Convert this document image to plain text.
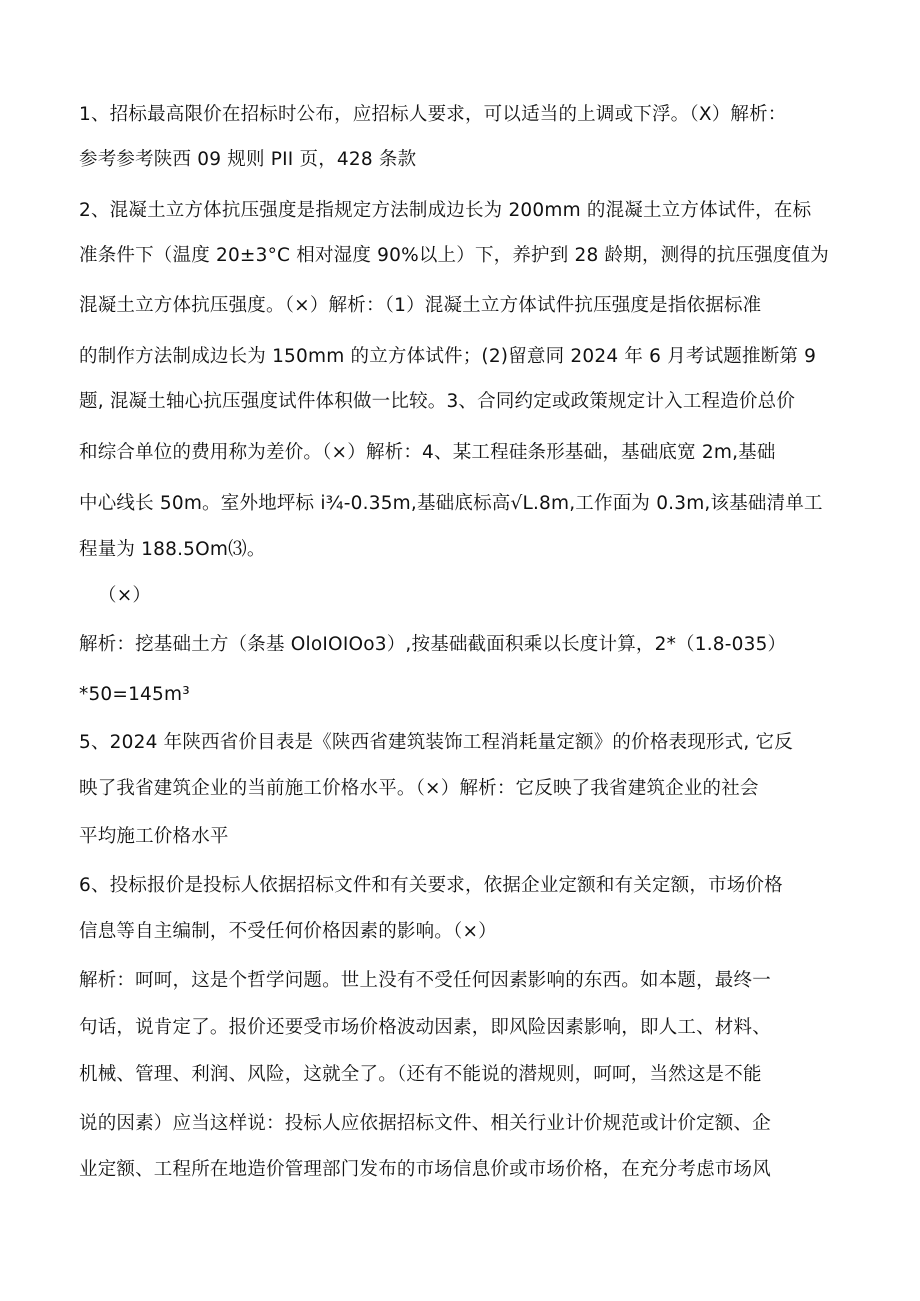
1、招标最高限价在招标时公布，应招标人要求，可以适当的上调或下浮。（X）解析：
参考参考陕西 09 规则 PII 页，428 条款
2、混凝土立方体抗压强度是指规定方法制成边长为 200mm 的混凝土立方体试件，在标
准条件下（温度 20±3°C 相对湿度 90%以上）下，养护到 28 龄期，测得的抗压强度值为
混凝土立方体抗压强度。（×）解析：（1）混凝土立方体试件抗压强度是指依据标准
的制作方法制成边长为 150mm 的立方体试件；(2)留意同 2024 年 6 月考试题推断第 9
题, 混凝土轴心抗压强度试件体积做一比较。3、合同约定或政策规定计入工程造价总价
和综合单位的费用称为差价。（×）解析：4、某工程硅条形基础，基础底宽 2m,基础
中心线长 50m。室外地坪标 i¾-0.35m,基础底标高√L.8m,工作面为 0.3m,该基础清单工
程量为 188.5Om⑶。
（×）
解析：挖基础土方（条基 OloIOIOo3）,按基础截面积乘以长度计算，2*（1.8-035）
*50=145m³
5、2024 年陕西省价目表是《陕西省建筑装饰工程消耗量定额》的价格表现形式, 它反
映了我省建筑企业的当前施工价格水平。（×）解析：它反映了我省建筑企业的社会
平均施工价格水平
6、投标报价是投标人依据招标文件和有关要求，依据企业定额和有关定额，市场价格
信息等自主编制，不受任何价格因素的影响。（×）
解析：呵呵，这是个哲学问题。世上没有不受任何因素影响的东西。如本题，最终一
句话，说肯定了。报价还要受市场价格波动因素，即风险因素影响，即人工、材料、
机械、管理、利润、风险，这就全了。（还有不能说的潜规则，呵呵，当然这是不能
说的因素）应当这样说：投标人应依据招标文件、相关行业计价规范或计价定额、企
业定额、工程所在地造价管理部门发布的市场信息价或市场价格，在充分考虑市场风
